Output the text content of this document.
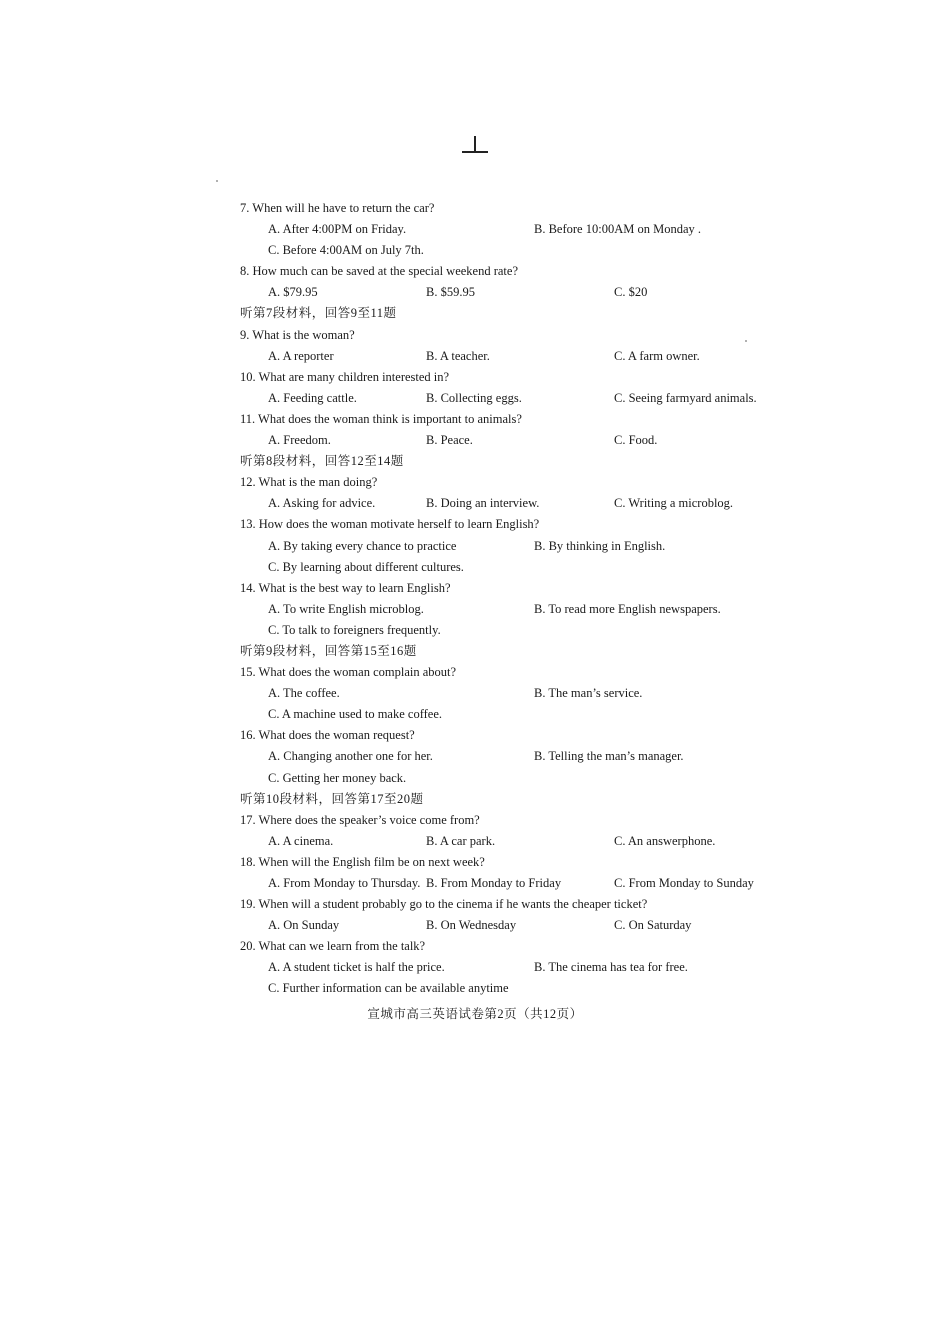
7. When will he have to return the car?
A. After 4:00PM on Friday.	B. Before 10:00AM on Monday .
C. Before 4:00AM on July 7th.
8. How much can be saved at the special weekend rate?
A. $79.95	B. $59.95	C. $20
听第7段材料，回答9至11题
9. What is the woman?
A. A reporter	B. A teacher.	C. A farm owner.
10. What are many children interested in?
A. Feeding cattle.	B. Collecting eggs.	C. Seeing farmyard animals.
11. What does the woman think is important to animals?
A. Freedom.	B. Peace.	C. Food.
听第8段材料，回答12至14题
12. What is the man doing?
A. Asking for advice.	B. Doing an interview.	C. Writing a microblog.
13. How does the woman motivate herself to learn English?
A. By taking every chance to practice	B. By thinking in English.
C. By learning about different cultures.
14. What is the best way to learn English?
A. To write English microblog.	B. To read more English newspapers.
C. To talk to foreigners frequently.
听第9段材料，回答第15至16题
15. What does the woman complain about?
A. The coffee.	B. The man’s service.
C. A machine used to make coffee.
16. What does the woman request?
A. Changing another one for her.	B. Telling the man’s manager.
C. Getting her money back.
听第10段材料，回答第17至20题
17. Where does the speaker’s voice come from?
A. A cinema.	B. A car park.	C. An answerphone.
18. When will the English film be on next week?
A. From Monday to Thursday. B. From Monday to Friday	C. From Monday to Sunday
19. When will a student probably go to the cinema if he wants the cheaper ticket?
A. On Sunday	B. On Wednesday	C. On Saturday
20. What can we learn from the talk?
A. A student ticket is half the price.	B. The cinema has tea for free.
C. Further information can be available anytime
宣城市高三英语试卷第2页（共12页）
